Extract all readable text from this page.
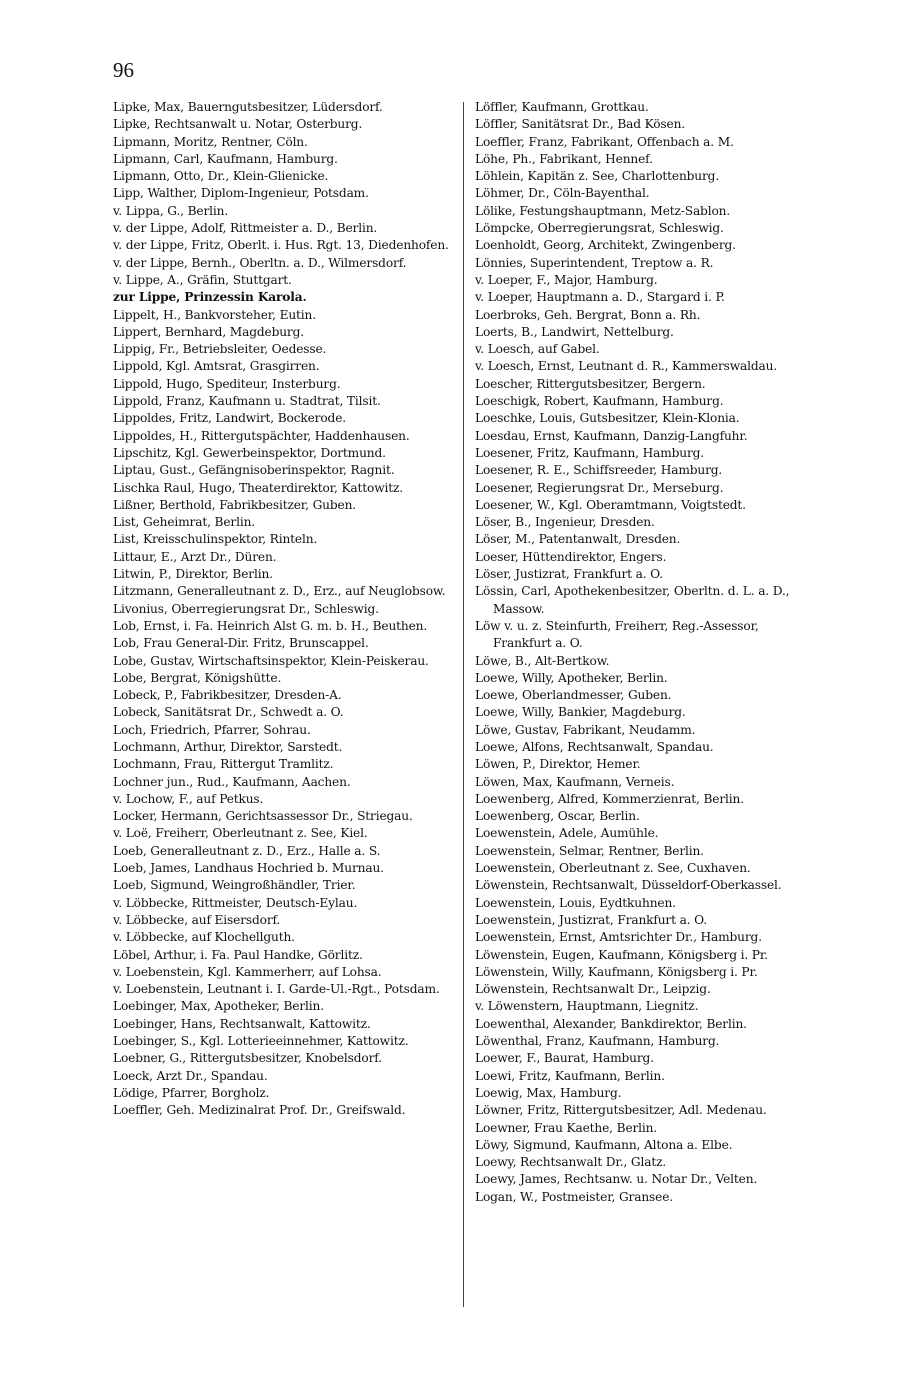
96
Lipke, Max, Bauerngutsbesitzer, Lüdersdorf.
Lipke, Rechtsanwalt u. Notar, Osterburg.
Lipmann, Moritz, Rentner, Cöln.
Lipmann, Carl, Kaufmann, Hamburg.
Lipmann, Otto, Dr., Klein-Glienicke.
Lipp, Walther, Diplom-Ingenieur, Potsdam.
v. Lippa, G., Berlin.
v. der Lippe, Adolf, Rittmeister a. D., Berlin.
v. der Lippe, Fritz, Oberlt. i. Hus. Rgt. 13, Diedenhofen.
v. der Lippe, Bernh., Oberltn. a. D., Wilmersdorf.
v. Lippe, A., Gräfin, Stuttgart.
zur Lippe, Prinzessin Karola.
Lippelt, H., Bankvorsteher, Eutin.
Lippert, Bernhard, Magdeburg.
Lippig, Fr., Betriebsleiter, Oedesse.
Lippold, Kgl. Amtsrat, Grasgirren.
Lippold, Hugo, Spediteur, Insterburg.
Lippold, Franz, Kaufmann u. Stadtrat, Tilsit.
Lippoldes, Fritz, Landwirt, Bockerode.
Lippoldes, H., Rittergutspächter, Haddenhausen.
Lipschitz, Kgl. Gewerbeinspektor, Dortmund.
Liptau, Gust., Gefängnisoberinspektor, Ragnit.
Lischka Raul, Hugo, Theaterdirektor, Kattowitz.
Lißner, Berthold, Fabrikbesitzer, Guben.
List, Geheimrat, Berlin.
List, Kreisschulinspektor, Rinteln.
Littaur, E., Arzt Dr., Düren.
Litwin, P., Direktor, Berlin.
Litzmann, Generalleutnant z. D., Erz., auf Neuglobsow.
Livonius, Oberregierungsrat Dr., Schleswig.
Lob, Ernst, i. Fa. Heinrich Alst G. m. b. H., Beuthen.
Lob, Frau General-Dir. Fritz, Brunscappel.
Lobe, Gustav, Wirtschaftsinspektor, Klein-Peiskerau.
Lobe, Bergrat, Königshütte.
Lobeck, P., Fabrikbesitzer, Dresden-A.
Lobeck, Sanitätsrat Dr., Schwedt a. O.
Loch, Friedrich, Pfarrer, Sohrau.
Lochmann, Arthur, Direktor, Sarstedt.
Lochmann, Frau, Rittergut Tramlitz.
Lochner jun., Rud., Kaufmann, Aachen.
v. Lochow, F., auf Petkus.
Locker, Hermann, Gerichtsassessor Dr., Striegau.
v. Loë, Freiherr, Oberleutnant z. See, Kiel.
Loeb, Generalleutnant z. D., Erz., Halle a. S.
Loeb, James, Landhaus Hochried b. Murnau.
Loeb, Sigmund, Weingroßhändler, Trier.
v. Löbbecke, Rittmeister, Deutsch-Eylau.
v. Löbbecke, auf Eisersdorf.
v. Löbbecke, auf Klochellguth.
Löbel, Arthur, i. Fa. Paul Handke, Görlitz.
v. Loebenstein, Kgl. Kammerherr, auf Lohsa.
v. Loebenstein, Leutnant i. I. Garde-Ul.-Rgt., Potsdam.
Loebinger, Max, Apotheker, Berlin.
Loebinger, Hans, Rechtsanwalt, Kattowitz.
Loebinger, S., Kgl. Lotterieeinnehmer, Kattowitz.
Loebner, G., Rittergutsbesitzer, Knobelsdorf.
Loeck, Arzt Dr., Spandau.
Lödige, Pfarrer, Borgholz.
Loeffler, Geh. Medizinalrat Prof. Dr., Greifswald.
Löffler, Kaufmann, Grottkau.
Löffler, Sanitätsrat Dr., Bad Kösen.
Loeffler, Franz, Fabrikant, Offenbach a. M.
Löhe, Ph., Fabrikant, Hennef.
Löhlein, Kapitän z. See, Charlottenburg.
Löhmer, Dr., Cöln-Bayenthal.
Lölike, Festungshauptmann, Metz-Sablon.
Lömpcke, Oberregierungsrat, Schleswig.
Loenholdt, Georg, Architekt, Zwingenberg.
Lönnies, Superintendent, Treptow a. R.
v. Loeper, F., Major, Hamburg.
v. Loeper, Hauptmann a. D., Stargard i. P.
Loerbroks, Geh. Bergrat, Bonn a. Rh.
Loerts, B., Landwirt, Nettelburg.
v. Loesch, auf Gabel.
v. Loesch, Ernst, Leutnant d. R., Kammerswaldau.
Loescher, Rittergutsbesitzer, Bergern.
Loeschigk, Robert, Kaufmann, Hamburg.
Loeschke, Louis, Gutsbesitzer, Klein-Klonia.
Loesdau, Ernst, Kaufmann, Danzig-Langfuhr.
Loesener, Fritz, Kaufmann, Hamburg.
Loesener, R. E., Schiffsreeder, Hamburg.
Loesener, Regierungsrat Dr., Merseburg.
Loesener, W., Kgl. Oberamtmann, Voigtstedt.
Löser, B., Ingenieur, Dresden.
Löser, M., Patentanwalt, Dresden.
Loeser, Hüttendirektor, Engers.
Löser, Justizrat, Frankfurt a. O.
Lössin, Carl, Apothekenbesitzer, Oberltn. d. L. a. D., Massow.
Löw v. u. z. Steinfurth, Freiherr, Reg.-Assessor, Frankfurt a. O.
Löwe, B., Alt-Bertkow.
Loewe, Willy, Apotheker, Berlin.
Loewe, Oberlandmesser, Guben.
Loewe, Willy, Bankier, Magdeburg.
Löwe, Gustav, Fabrikant, Neudamm.
Loewe, Alfons, Rechtsanwalt, Spandau.
Löwen, P., Direktor, Hemer.
Löwen, Max, Kaufmann, Verneis.
Loewenberg, Alfred, Kommerzienrat, Berlin.
Loewenberg, Oscar, Berlin.
Loewenstein, Adele, Aumühle.
Loewenstein, Selmar, Rentner, Berlin.
Loewenstein, Oberleutnant z. See, Cuxhaven.
Löwenstein, Rechtsanwalt, Düsseldorf-Oberkassel.
Loewenstein, Louis, Eydtkuhnen.
Loewenstein, Justizrat, Frankfurt a. O.
Loewenstein, Ernst, Amtsrichter Dr., Hamburg.
Löwenstein, Eugen, Kaufmann, Königsberg i. Pr.
Löwenstein, Willy, Kaufmann, Königsberg i. Pr.
Löwenstein, Rechtsanwalt Dr., Leipzig.
v. Löwenstern, Hauptmann, Liegnitz.
Loewenthal, Alexander, Bankdirektor, Berlin.
Löwenthal, Franz, Kaufmann, Hamburg.
Loewer, F., Baurat, Hamburg.
Loewi, Fritz, Kaufmann, Berlin.
Loewig, Max, Hamburg.
Löwner, Fritz, Rittergutsbesitzer, Adl. Medenau.
Loewner, Frau Kaethe, Berlin.
Löwy, Sigmund, Kaufmann, Altona a. Elbe.
Loewy, Rechtsanwalt Dr., Glatz.
Loewy, James, Rechtsanw. u. Notar Dr., Velten.
Logan, W., Postmeister, Gransee.
